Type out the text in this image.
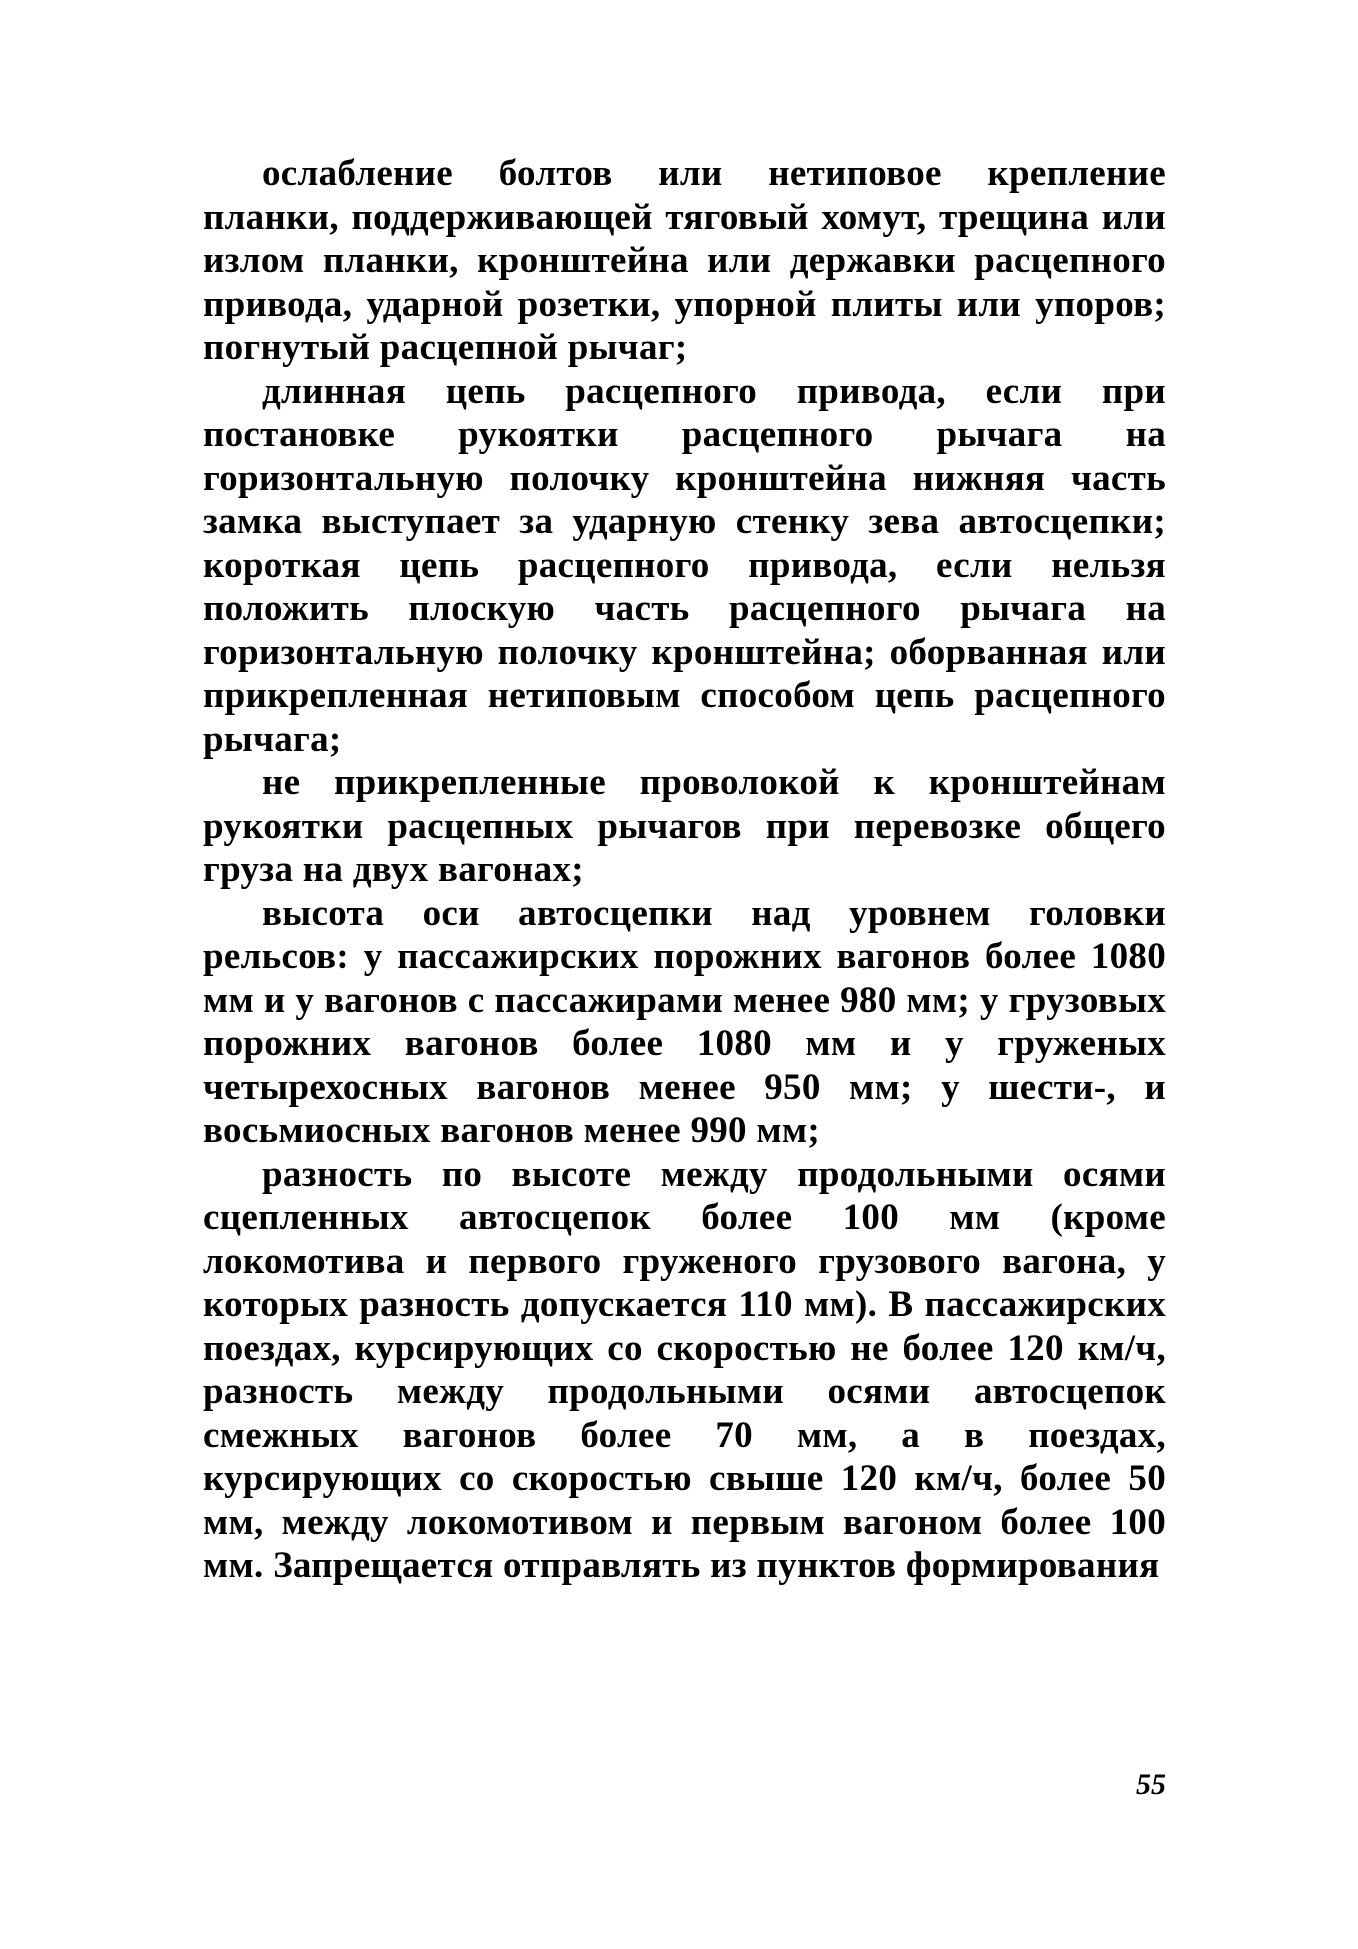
ослабление болтов или нетиповое крепление планки, поддерживающей тяговый хомут, трещина или излом планки, кронштейна или державки расцепного привода, ударной розетки, упорной плиты или упоров; погнутый расцепной рычаг;

длинная цепь расцепного привода, если при постановке рукоятки расцепного рычага на горизонтальную полочку кронштейна нижняя часть замка выступает за ударную стенку зева автосцепки; короткая цепь расцепного привода, если нельзя положить плоскую часть расцепного рычага на горизонтальную полочку кронштейна; оборванная или прикрепленная нетиповым способом цепь расцепного рычага;

не прикрепленные проволокой к кронштейнам рукоятки расцепных рычагов при перевозке общего груза на двух вагонах;

высота оси автосцепки над уровнем головки рельсов: у пассажирских порожних вагонов более 1080 мм и у вагонов с пассажирами менее 980 мм; у грузовых порожних вагонов более 1080 мм и у груженых четырехосных вагонов менее 950 мм; у шести-, и восьмиосных вагонов менее 990 мм;

разность по высоте между продольными осями сцепленных автосцепок более 100 мм (кроме локомотива и первого груженого грузового вагона, у которых разность допускается 110 мм). В пассажирских поездах, курсирующих со скоростью не более 120 км/ч, разность между продольными осями автосцепок смежных вагонов более 70 мм, а в поездах, курсирующих со скоростью свыше 120 км/ч, более 50 мм, между локомотивом и первым вагоном более 100 мм. Запрещается отправлять из пунктов формирования

55
